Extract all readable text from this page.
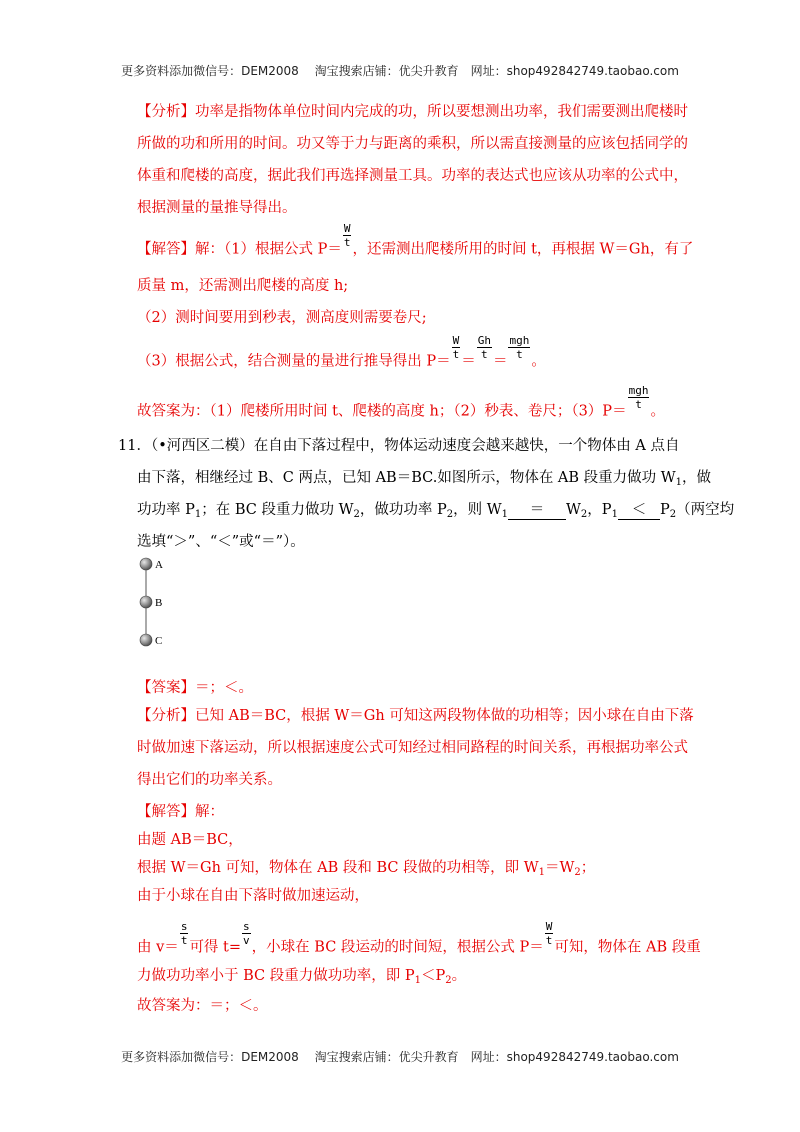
更多资料添加微信号：DEM2008　 淘宝搜索店铺：优尖升教育　网址：shop492842749.taobao.com
【分析】功率是指物体单位时间内完成的功，所以要想测出功率，我们需要测出爬楼时
所做的功和所用的时间。功又等于力与距离的乘积，所以需直接测量的应该包括同学的
体重和爬楼的高度，据此我们再选择测量工具。功率的表达式也应该从功率的公式中，
根据测量的量推导得出。
【解答】解：（1）根据公式 P＝
$\frac{W}{t}$
，还需测出爬楼所用的时间 t，再根据 W＝Gh，有了
质量 m，还需测出爬楼的高度 h;
（2）测时间要用到秒表，测高度则需要卷尺;
（3）根据公式，结合测量的量进行推导得出 P＝
$\frac{W}{t}$
＝
$\frac{Gh}{t}$
＝
$\frac{\text{mgh}}{t}$
。
故答案为：（1）爬楼所用时间 t、爬楼的高度 h；（2）秒表、卷尺；（3）P＝
$\frac{\text{mgh}}{t}$
。
11．（•河西区二模）在自由下落过程中，物体运动速度会越来越快，一个物体由 A 点自
由下落，相继经过 B、C 两点，已知 AB＝BC.如图所示，物体在 AB 段重力做功 $W_1$，做
功功率 $P_1$；在 BC 段重力做功 $W_2$，做功功率 $P_2$，则 $W_1 = W_2$，$P_1 < P_2$（两空均
选填“＞”、“＜”或“＝”）。
A
B
C
【答案】＝；＜。
【分析】已知 AB＝BC，根据 W＝Gh 可知这两段物体做的功相等；因小球在自由下落
时做加速下落运动，所以根据速度公式可知经过相同路程的时间关系，再根据功率公式
得出它们的功率关系。
【解答】解：
由题 AB＝BC，
根据 W＝Gh 可知，物体在 AB 段和 BC 段做的功相等，即 $W_1=W_2$；
由于小球在自由下落时做加速运动，
由 v＝
$\frac{s}{t}$
可得 t=
$\frac{s}{v}$
，小球在 BC 段运动的时间短，根据公式 P＝
$\frac{W}{t}$
可知，物体在 AB 段重
力做功功率小于 BC 段重力做功功率，即 $P_1<P_2$。
故答案为：＝；＜。
更多资料添加微信号：DEM2008　 淘宝搜索店铺：优尖升教育　网址：shop492842749.taobao.com
